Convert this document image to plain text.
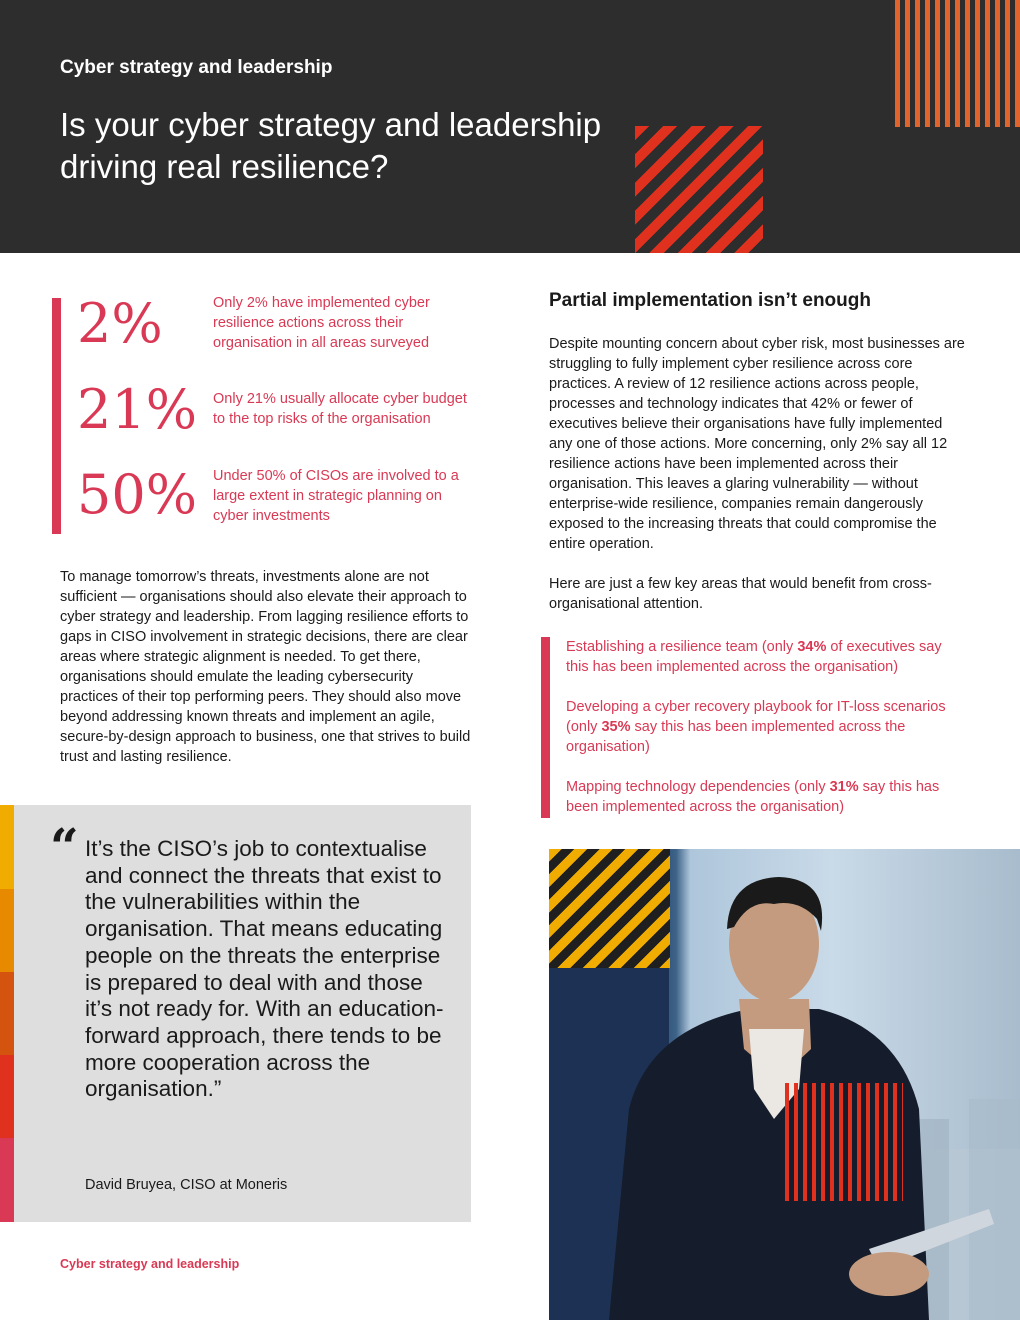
Cyber strategy and leadership
Is your cyber strategy and leadership driving real resilience?
2%	Only 2% have implemented cyber resilience actions across their organisation in all areas surveyed
21% Only 21% usually allocate cyber budget to the top risks of the organisation
50% Under 50% of CISOs are involved to a large extent in strategic planning on cyber investments
To manage tomorrow’s threats, investments alone are not sufficient — organisations should also elevate their approach to cyber strategy and leadership. From lagging resilience efforts to gaps in CISO involvement in strategic decisions, there are clear areas where strategic alignment is needed. To get there, organisations should emulate the leading cybersecurity practices of their top performing peers. They should also move beyond addressing known threats and implement an agile, secure-by-design approach to business, one that strives to build trust and lasting resilience.
“ It’s the CISO’s job to contextualise and connect the threats that exist to the vulnerabilities within the organisation. That means educating people on the threats the enterprise is prepared to deal with and those it’s not ready for. With an education-forward approach, there tends to be more cooperation across the organisation.”

David Bruyea, CISO at Moneris
Cyber strategy and leadership
Partial implementation isn’t enough

Despite mounting concern about cyber risk, most businesses are struggling to fully implement cyber resilience across core practices. A review of 12 resilience actions across people, processes and technology indicates that 42% or fewer of executives believe their organisations have fully implemented any one of those actions. More concerning, only 2% say all 12 resilience actions have been implemented across their organisation. This leaves a glaring vulnerability — without enterprise-wide resilience, companies remain dangerously exposed to the increasing threats that could compromise the entire operation.

Here are just a few key areas that would benefit from cross-organisational attention.

Establishing a resilience team (only 34% of executives say this has been implemented across the organisation)
Developing a cyber recovery playbook for IT-loss scenarios (only 35% say this has been implemented across the organisation)
Mapping technology dependencies (only 31% say this has been implemented across the organisation)
